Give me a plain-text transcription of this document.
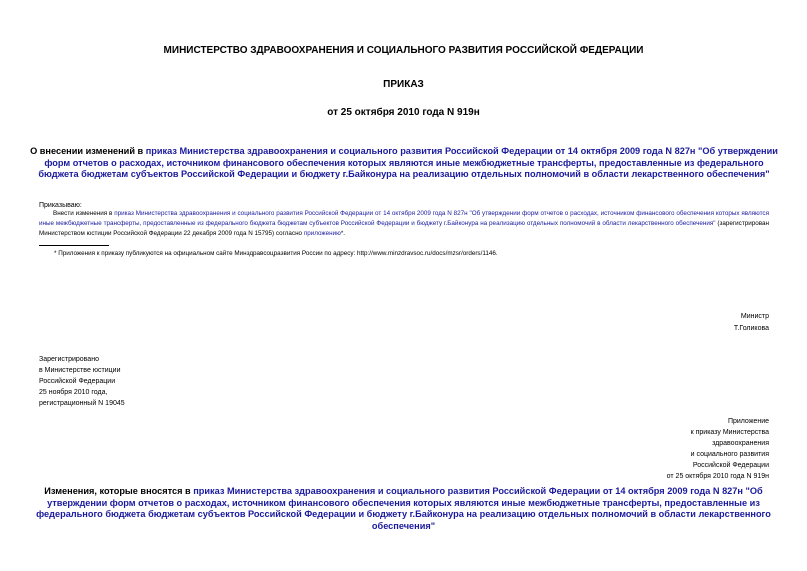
МИНИСТЕРСТВО ЗДРАВООХРАНЕНИЯ И СОЦИАЛЬНОГО РАЗВИТИЯ РОССИЙСКОЙ ФЕДЕРАЦИИ
ПРИКАЗ
от 25 октября 2010 года N 919н
О внесении изменений в приказ Министерства здравоохранения и социального развития Российской Федерации от 14 октября 2009 года N 827н "Об утверждении форм отчетов о расходах, источником финансового обеспечения которых являются иные межбюджетные трансферты, предоставленные из федерального бюджета бюджетам субъектов Российской Федерации и бюджету г.Байконура на реализацию отдельных полномочий в области лекарственного обеспечения"
Приказываю:
Внести изменения в приказ Министерства здравоохранения и социального развития Российской Федерации от 14 октября 2009 года N 827н "Об утверждении форм отчетов о расходах, источником финансового обеспечения которых являются иные межбюджетные трансферты, предоставленные из федерального бюджета бюджетам субъектов Российской Федерации и бюджету г.Байконура на реализацию отдельных полномочий в области лекарственного обеспечения" (зарегистрирован Министерством юстиции Российской Федерации 22 декабря 2009 года N 15795) согласно приложению*.
* Приложения к приказу публикуются на официальном сайте Минздравсоцразвития России по адресу: http://www.minzdravsoc.ru/docs/mzsr/orders/1146.
Министр
Т.Голикова
Зарегистрировано
в Министерстве юстиции
Российской Федерации
25 ноября 2010 года,
регистрационный N 19045
Приложение
к приказу Министерства
здравоохранения
и социального развития
Российской Федерации
от 25 октября 2010 года N 919н
Изменения, которые вносятся в приказ Министерства здравоохранения и социального развития Российской Федерации от 14 октября 2009 года N 827н "Об утверждении форм отчетов о расходах, источником финансового обеспечения которых являются иные межбюджетные трансферты, предоставленные из федерального бюджета бюджетам субъектов Российской Федерации и бюджету г.Байконура на реализацию отдельных полномочий в области лекарственного обеспечения"
